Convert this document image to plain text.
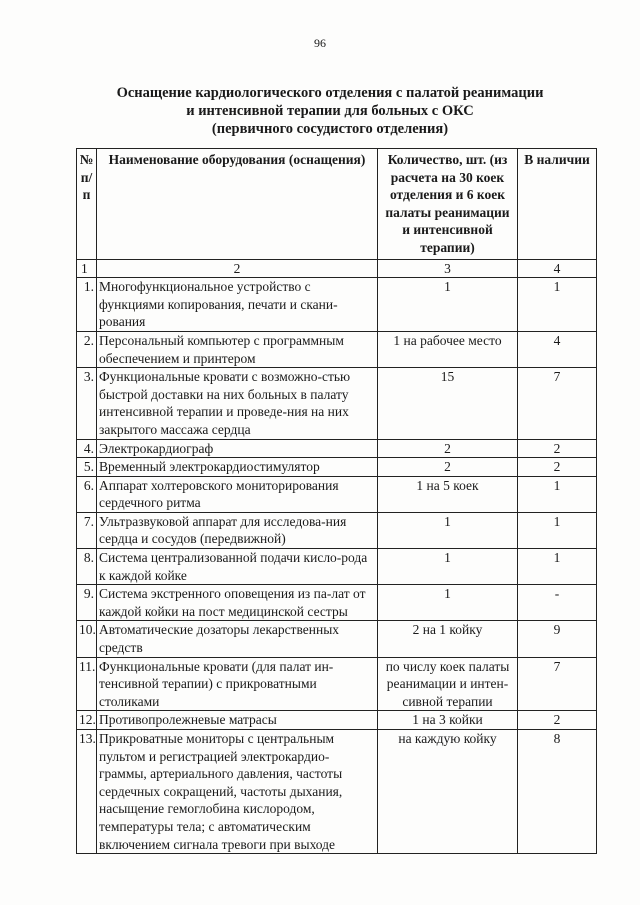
96
Оснащение кардиологического отделения с палатой реанимации
и интенсивной терапии для больных с ОКС
(первичного сосудистого отделения)
№ п/п	Наименование оборудования (оснащения)	Количество, шт. (из расчета на 30 коек отделения и 6 коек палаты реанимации и интенсивной терапии)	В наличии
1	2	3	4
1.	Многофункциональное устройство с функциями копирования, печати и скани-рования	1	1
2.	Персональный компьютер с программным обеспечением и принтером	1 на рабочее место	4
3.	Функциональные кровати с возможно-стью быстрой доставки на них больных в палату интенсивной терапии и проведе-ния на них закрытого массажа сердца	15	7
4.	Электрокардиограф	2	2
5.	Временный электрокардиостимулятор	2	2
6.	Аппарат холтеровского мониторирования сердечного ритма	1 на 5 коек	1
7.	Ультразвуковой аппарат для исследова-ния сердца и сосудов (передвижной)	1	1
8.	Система централизованной подачи кисло-рода к каждой койке	1	1
9.	Система экстренного оповещения из па-лат от каждой койки на пост медицинской сестры	1	-
10.	Автоматические дозаторы лекарственных средств	2 на 1 койку	9
11.	Функциональные кровати (для палат ин-тенсивной терапии) с прикроватными столиками	по числу коек палаты реанимации и интен-сивной терапии	7
12.	Противопролежневые матрасы	1 на 3 койки	2
13.	Прикроватные мониторы с центральным пультом и регистрацией электрокардио-граммы, артериального давления, частоты сердечных сокращений, частоты дыхания, насыщение гемоглобина кислородом, температуры тела; с автоматическим включением сигнала тревоги при выходе	на каждую койку	8
